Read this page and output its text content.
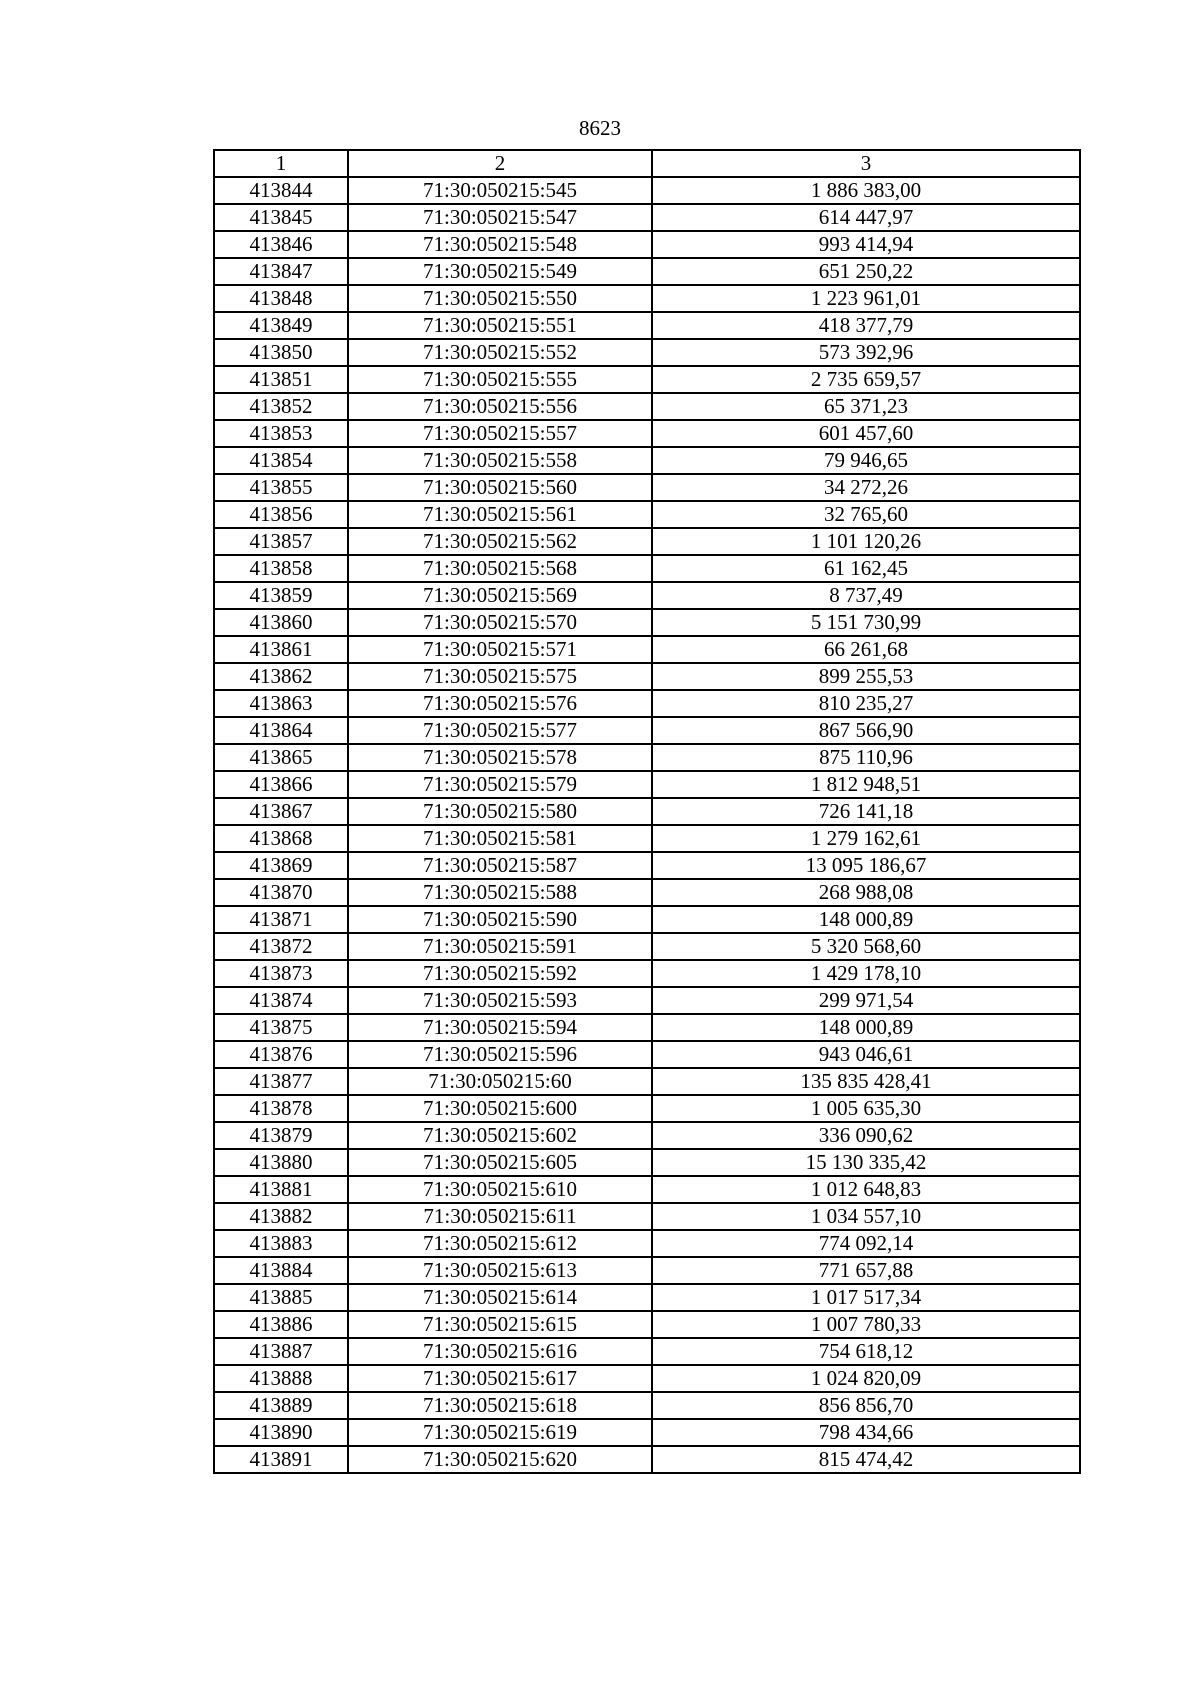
8623
1	2	3
413844	71:30:050215:545	1 886 383,00
413845	71:30:050215:547	614 447,97
413846	71:30:050215:548	993 414,94
413847	71:30:050215:549	651 250,22
413848	71:30:050215:550	1 223 961,01
413849	71:30:050215:551	418 377,79
413850	71:30:050215:552	573 392,96
413851	71:30:050215:555	2 735 659,57
413852	71:30:050215:556	65 371,23
413853	71:30:050215:557	601 457,60
413854	71:30:050215:558	79 946,65
413855	71:30:050215:560	34 272,26
413856	71:30:050215:561	32 765,60
413857	71:30:050215:562	1 101 120,26
413858	71:30:050215:568	61 162,45
413859	71:30:050215:569	8 737,49
413860	71:30:050215:570	5 151 730,99
413861	71:30:050215:571	66 261,68
413862	71:30:050215:575	899 255,53
413863	71:30:050215:576	810 235,27
413864	71:30:050215:577	867 566,90
413865	71:30:050215:578	875 110,96
413866	71:30:050215:579	1 812 948,51
413867	71:30:050215:580	726 141,18
413868	71:30:050215:581	1 279 162,61
413869	71:30:050215:587	13 095 186,67
413870	71:30:050215:588	268 988,08
413871	71:30:050215:590	148 000,89
413872	71:30:050215:591	5 320 568,60
413873	71:30:050215:592	1 429 178,10
413874	71:30:050215:593	299 971,54
413875	71:30:050215:594	148 000,89
413876	71:30:050215:596	943 046,61
413877	71:30:050215:60	135 835 428,41
413878	71:30:050215:600	1 005 635,30
413879	71:30:050215:602	336 090,62
413880	71:30:050215:605	15 130 335,42
413881	71:30:050215:610	1 012 648,83
413882	71:30:050215:611	1 034 557,10
413883	71:30:050215:612	774 092,14
413884	71:30:050215:613	771 657,88
413885	71:30:050215:614	1 017 517,34
413886	71:30:050215:615	1 007 780,33
413887	71:30:050215:616	754 618,12
413888	71:30:050215:617	1 024 820,09
413889	71:30:050215:618	856 856,70
413890	71:30:050215:619	798 434,66
413891	71:30:050215:620	815 474,42
